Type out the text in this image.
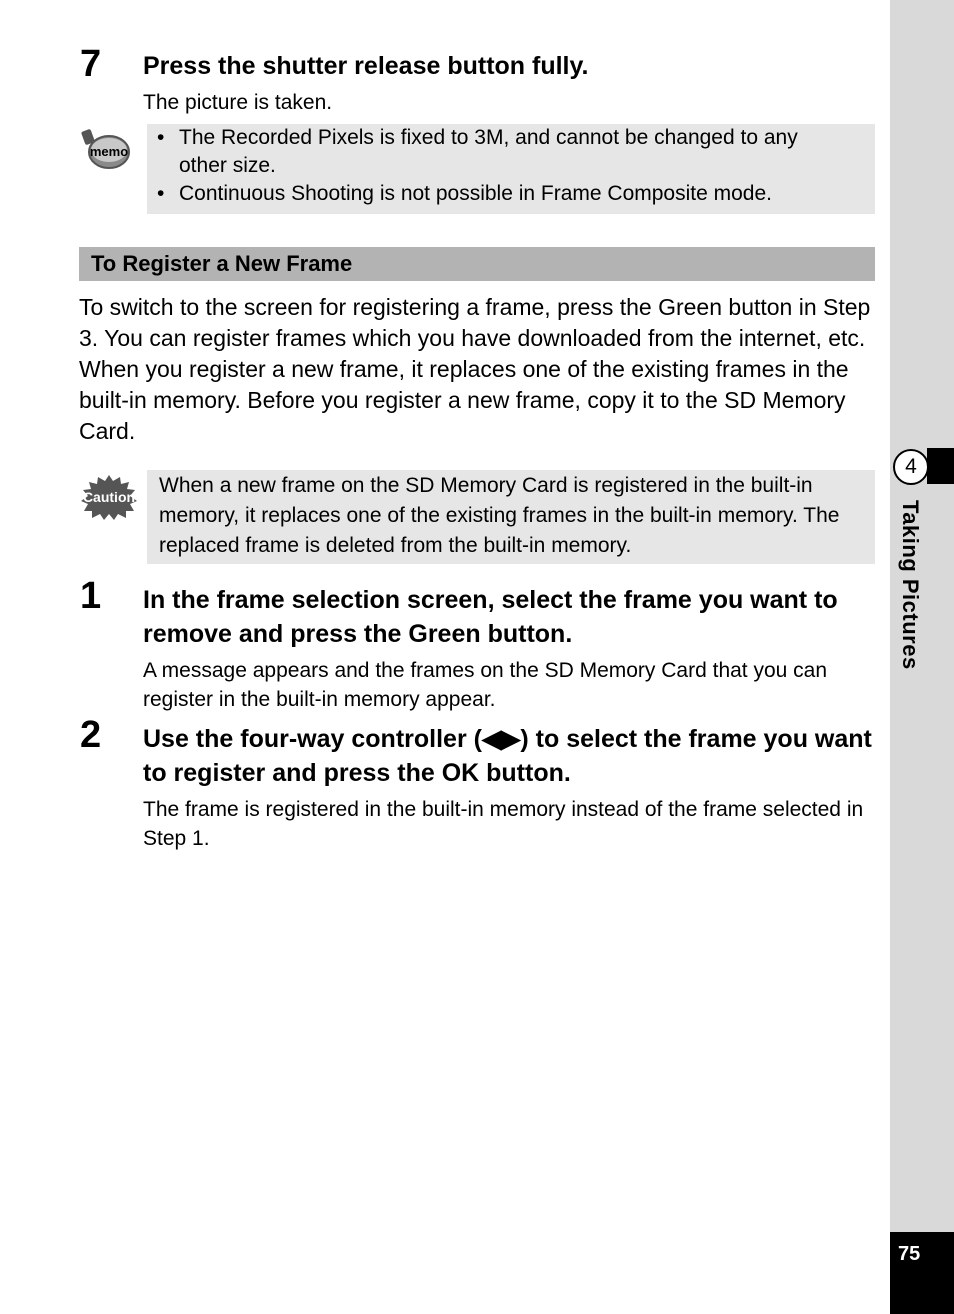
4
Taking Pictures
75
7 Press the shutter release button fully.
The picture is taken.
memo
• The Recorded Pixels is fixed to 3M, and cannot be changed to any
other size.
• Continuous Shooting is not possible in Frame Composite mode.
To Register a New Frame
To switch to the screen for registering a frame, press the Green button in Step 3. You can register frames which you have downloaded from the internet, etc. When you register a new frame, it replaces one of the existing frames in the built-in memory. Before you register a new frame, copy it to the SD Memory Card.
Caution When a new frame on the SD Memory Card is registered in the built-in memory, it replaces one of the existing frames in the built-in memory. The replaced frame is deleted from the built-in memory.
1 In the frame selection screen, select the frame you want to remove and press the Green button.
A message appears and the frames on the SD Memory Card that you can register in the built-in memory appear.
2 Use the four-way controller (◀▶) to select the frame you want to register and press the OK button.
The frame is registered in the built-in memory instead of the frame selected in Step 1.
